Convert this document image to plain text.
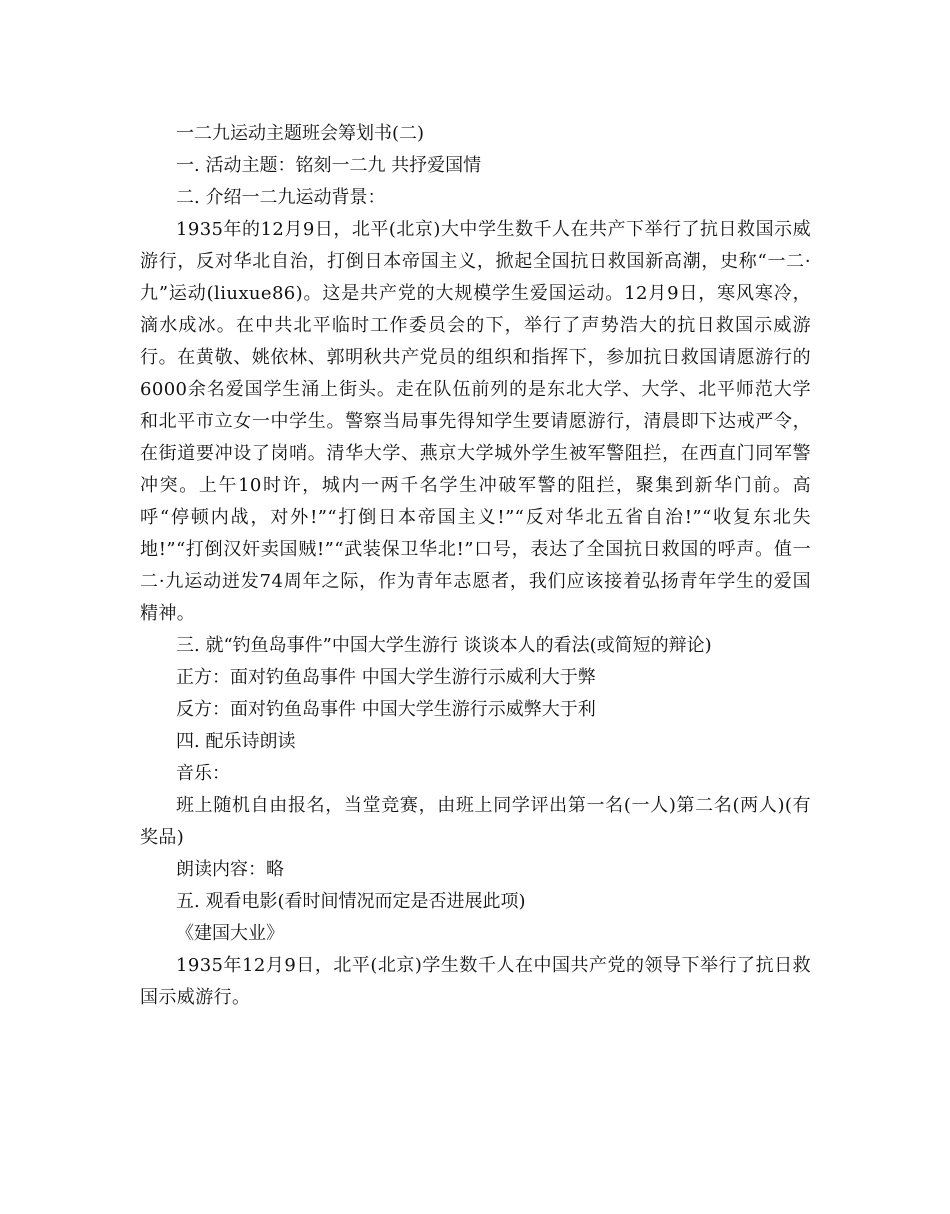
一二九运动主题班会筹划书(二)

一. 活动主题：铭刻一二九 共抒爱国情

二. 介绍一二九运动背景：

1935年的12月9日，北平(北京)大中学生数千人在共产下举行了抗日救国示威游行，反对华北自治，打倒日本帝国主义，掀起全国抗日救国新高潮，史称“一二·九”运动(liuxue86)。这是共产党的大规模学生爱国运动。12月9日，寒风寒冷，滴水成冰。在中共北平临时工作委员会的下，举行了声势浩大的抗日救国示威游行。在黄敬、姚依林、郭明秋共产党员的组织和指挥下，参加抗日救国请愿游行的6000余名爱国学生涌上街头。走在队伍前列的是东北大学、大学、北平师范大学和北平市立女一中学生。警察当局事先得知学生要请愿游行，清晨即下达戒严令，在街道要冲设了岗哨。清华大学、燕京大学城外学生被军警阻拦，在西直门同军警冲突。上午10时许，城内一两千名学生冲破军警的阻拦，聚集到新华门前。高呼“停顿内战，对外!”“打倒日本帝国主义!”“反对华北五省自治!”“收复东北失地!”“打倒汉奸卖国贼!”“武装保卫华北!”口号，表达了全国抗日救国的呼声。值一二·九运动迸发74周年之际，作为青年志愿者，我们应该接着弘扬青年学生的爱国精神。

三. 就“钓鱼岛事件”中国大学生游行 谈谈本人的看法(或简短的辩论)

正方：面对钓鱼岛事件 中国大学生游行示威利大于弊

反方：面对钓鱼岛事件 中国大学生游行示威弊大于利

四. 配乐诗朗读

音乐：

班上随机自由报名，当堂竞赛，由班上同学评出第一名(一人)第二名(两人)(有奖品)

朗读内容：略

五. 观看电影(看时间情况而定是否进展此项)

《建国大业》

1935年12月9日，北平(北京)学生数千人在中国共产党的领导下举行了抗日救国示威游行。
